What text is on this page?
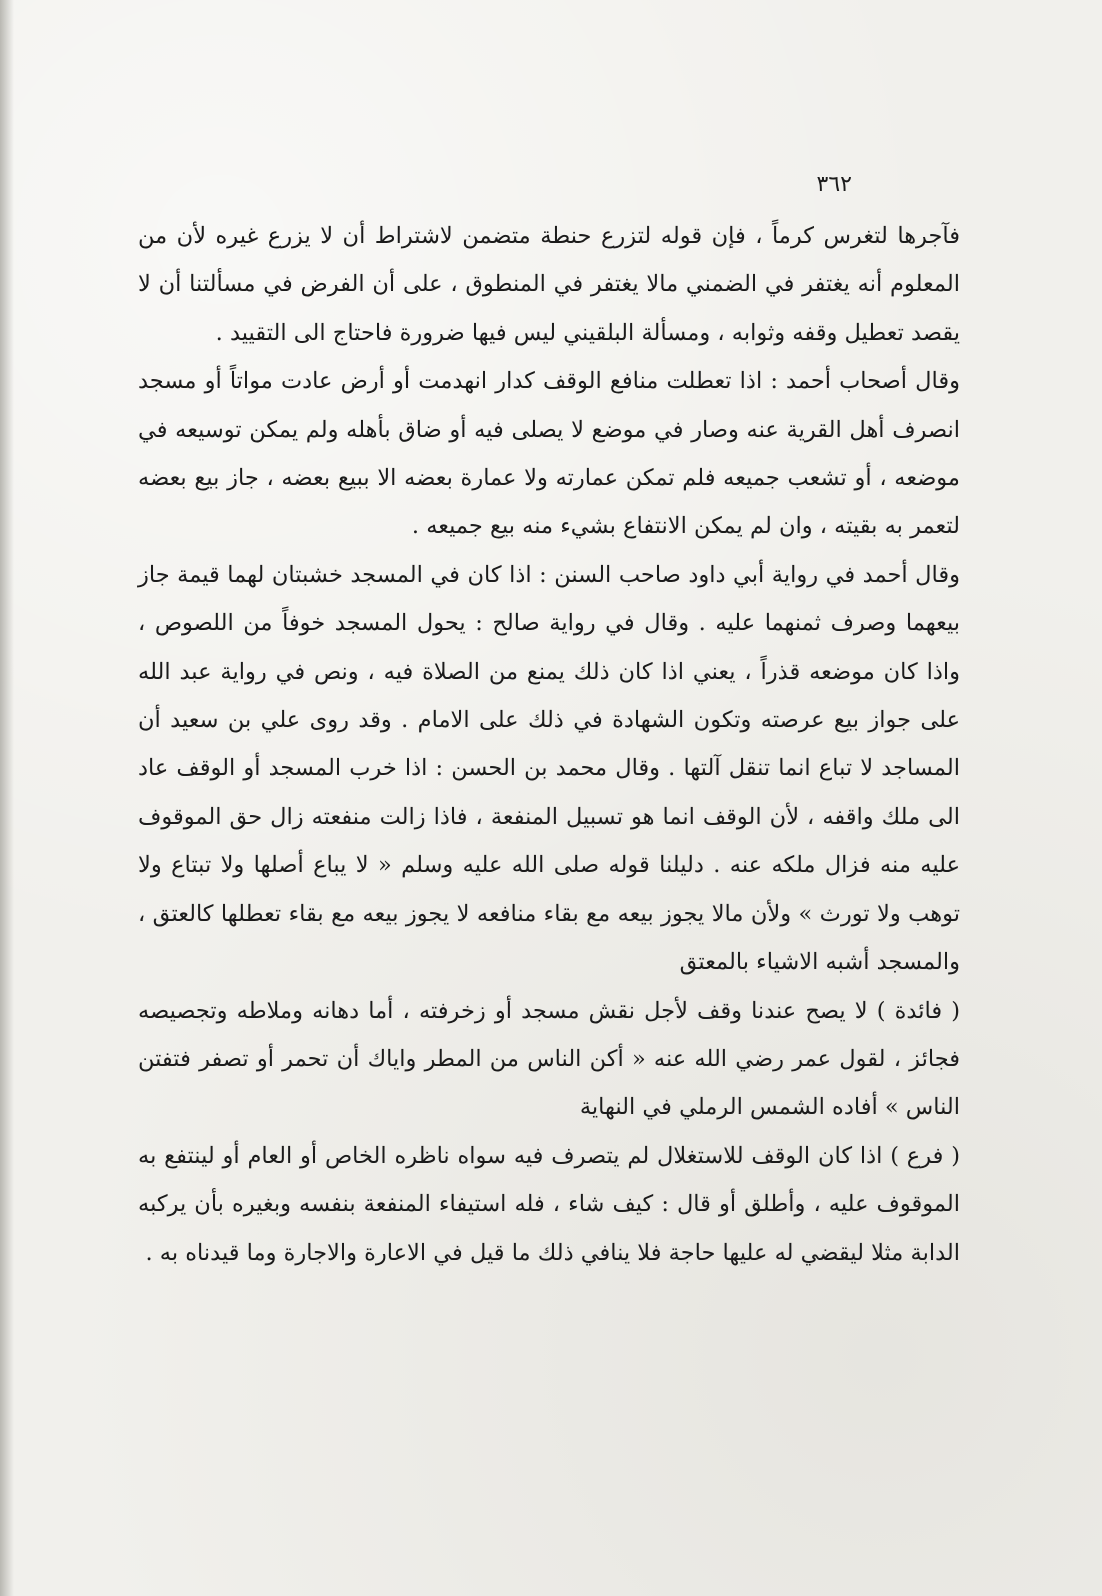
٣٦٢

فآجرها لتغرس كرماً ، فإن قوله لتزرع حنطة متضمن لاشتراط أن لا يزرع غيره لأن من المعلوم أنه يغتفر في الضمني مالا يغتفر في المنطوق ، على أن الفرض في مسألتنا أن لا يقصد تعطيل وقفه وثوابه ، ومسألة البلقيني ليس فيها ضرورة فاحتاج الى التقييد .

وقال أصحاب أحمد : اذا تعطلت منافع الوقف كدار انهدمت أو أرض عادت مواتاً أو مسجد انصرف أهل القرية عنه وصار في موضع لا يصلى فيه أو ضاق بأهله ولم يمكن توسيعه في موضعه ، أو تشعب جميعه فلم تمكن عمارته ولا عمارة بعضه الا ببيع بعضه ، جاز بيع بعضه لتعمر به بقيته ، وان لم يمكن الانتفاع بشيء منه بيع جميعه .

وقال أحمد في رواية أبي داود صاحب السنن : اذا كان في المسجد خشبتان لهما قيمة جاز بيعهما وصرف ثمنهما عليه . وقال في رواية صالح : يحول المسجد خوفاً من اللصوص ، واذا كان موضعه قذراً ، يعني اذا كان ذلك يمنع من الصلاة فيه ، ونص في رواية عبد الله على جواز بيع عرصته وتكون الشهادة في ذلك على الامام . وقد روى علي بن سعيد أن المساجد لا تباع انما تنقل آلتها . وقال محمد بن الحسن : اذا خرب المسجد أو الوقف عاد الى ملك واقفه ، لأن الوقف انما هو تسبيل المنفعة ، فاذا زالت منفعته زال حق الموقوف عليه منه فزال ملكه عنه . دليلنا قوله صلى الله عليه وسلم « لا يباع أصلها ولا تبتاع ولا توهب ولا تورث » ولأن مالا يجوز بيعه مع بقاء منافعه لا يجوز بيعه مع بقاء تعطلها كالعتق ، والمسجد أشبه الاشياء بالمعتق

( فائدة ) لا يصح عندنا وقف لأجل نقش مسجد أو زخرفته ، أما دهانه وملاطه وتجصيصه فجائز ، لقول عمر رضي الله عنه « أكن الناس من المطر واياك أن تحمر أو تصفر فتفتن الناس » أفاده الشمس الرملي في النهاية

( فرع ) اذا كان الوقف للاستغلال لم يتصرف فيه سواه ناظره الخاص أو العام أو لينتفع به الموقوف عليه ، وأطلق أو قال : كيف شاء ، فله استيفاء المنفعة بنفسه وبغيره بأن يركبه الدابة مثلا ليقضي له عليها حاجة فلا ينافي ذلك ما قيل في الاعارة والاجارة وما قيدناه به .
